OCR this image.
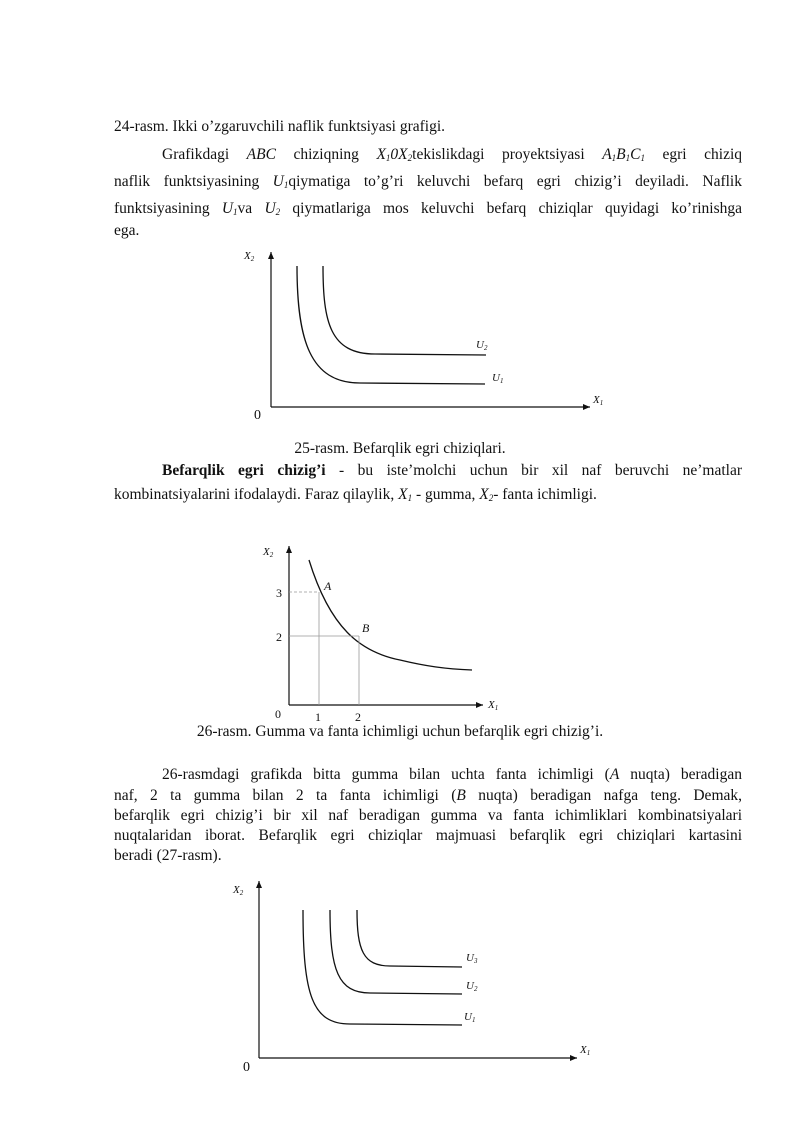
24-rasm. Ikki o’zgaruvchili naflik funktsiyasi grafigi.
Grafikdagi ABC chiziqning $X_10X_2tekislikdagi$ proyektsiyasi $A_1B_1C_1$ egri chiziq
naflik funktsiyasining $U_1qiymatiga$ to’g’ri keluvchi befarq egri chizig’i deyiladi. Naflik
funktsiyasining $U_1va$ $U_2$ qiymatlariga mos keluvchi befarq chiziqlar quyidagi ko’rinishga
ega.
X2
X1
0
U2
U1
25-rasm. Befarqlik egri chiziqlari.
Befarqlik egri chizig’i - bu iste’molchi uchun bir xil naf beruvchi ne’matlar
kombinatsiyalarini ifodalaydi. Faraz qilaylik, $X_1$ - gumma, $X_2-$ fanta ichimligi.
X2
X1
0
3
2
1	2
A
B
26-rasm. Gumma va fanta ichimligi uchun befarqlik egri chizig’i.
26-rasmdagi grafikda bitta gumma bilan uchta fanta ichimligi (A nuqta) beradigan
naf, 2 ta gumma bilan 2 ta fanta ichimligi (B nuqta) beradigan nafga teng. Demak,
befarqlik egri chizig’i bir xil naf beradigan gumma va fanta ichimliklari kombinatsiyalari
nuqtalaridan iborat. Befarqlik egri chiziqlar majmuasi befarqlik egri chiziqlari kartasini
beradi (27-rasm).
X2
X1
0
U3
U2
U1
